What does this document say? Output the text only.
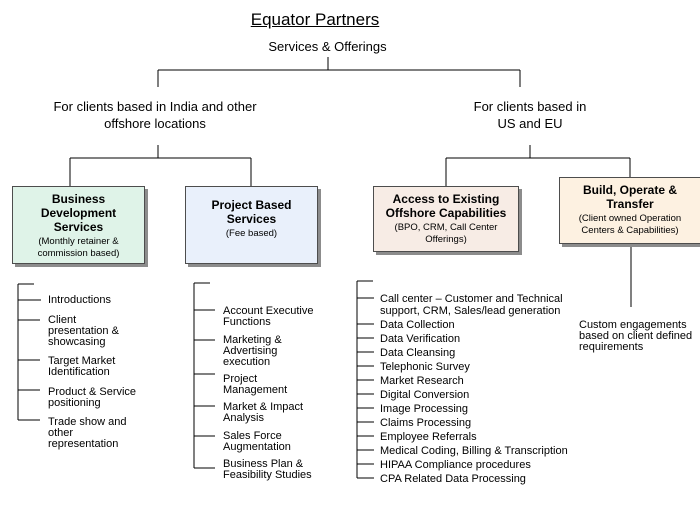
Equator Partners
Services & Offerings
For clients based in India and other
offshore locations
For clients based in
US and EU
Business
Development
Services
(Monthly retainer &
commission based)
Project Based
Services
(Fee based)
Access to Existing
Offshore Capabilities
(BPO, CRM, Call Center
Offerings)
Build, Operate &
Transfer
(Client owned Operation
Centers & Capabilities)
Introductions
Client
presentation &
showcasing
Target Market
Identification
Product & Service
positioning
Trade show and
other
representation
Account Executive
Functions
Marketing &
Advertising
execution
Project
Management
Market & Impact
Analysis
Sales Force
Augmentation
Business Plan &
Feasibility Studies
Call center – Customer and Technical
support, CRM, Sales/lead generation
Data Collection
Data Verification
Data Cleansing
Telephonic Survey
Market Research
Digital Conversion
Image Processing
Claims Processing
Employee Referrals
Medical Coding, Billing & Transcription
HIPAA Compliance procedures
CPA Related Data Processing
Custom engagements
based on client defined
requirements
